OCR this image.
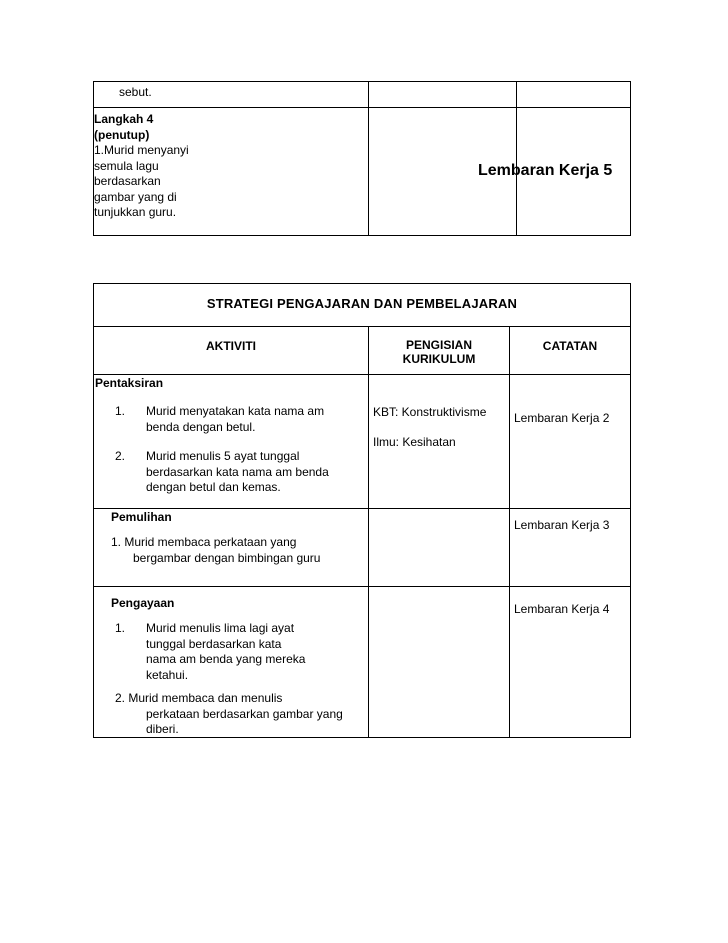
sebut.
Langkah 4
(penutup)
1.Murid menyanyi
semula lagu
berdasarkan
gambar yang di
tunjukkan guru.
Lembaran Kerja 5
STRATEGI PENGAJARAN DAN PEMBELAJARAN
AKTIVITI	PENGISIAN
KURIKULUM
CATATAN
Pentaksiran
1. Murid menyatakan kata nama am
benda dengan betul.
2. Murid menulis 5 ayat tunggal
berdasarkan kata nama am benda
dengan betul dan kemas.
KBT: Konstruktivisme
Ilmu: Kesihatan
Lembaran Kerja 2
Pemulihan
1. Murid membaca perkataan yang
bergambar dengan bimbingan guru
Lembaran Kerja 3
Pengayaan
1. Murid menulis lima lagi ayat
tunggal berdasarkan kata
nama am benda yang mereka
ketahui.
2. Murid membaca dan menulis
perkataan berdasarkan gambar yang
diberi.
Lembaran Kerja 4
